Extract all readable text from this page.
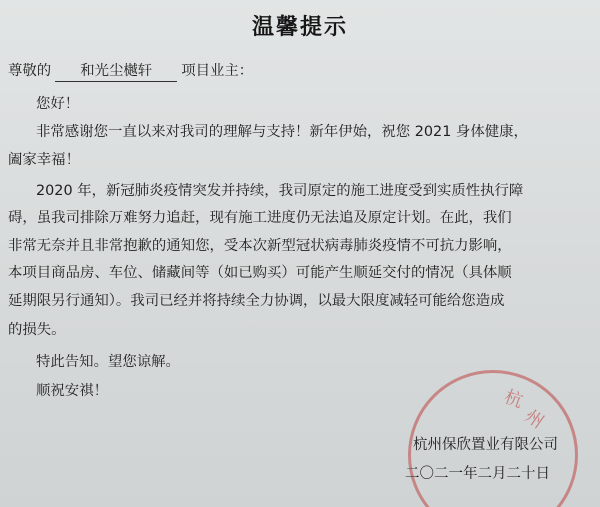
温馨提示
尊敬的 和光尘樾轩 项目业主：
您好！
非常感谢您一直以来对我司的理解与支持！新年伊始，祝您 2021 身体健康，
阖家幸福！
2020 年，新冠肺炎疫情突发并持续，我司原定的施工进度受到实质性执行障
碍，虽我司排除万难努力追赶，现有施工进度仍无法追及原定计划。在此，我们
非常无奈并且非常抱歉的通知您，受本次新型冠状病毒肺炎疫情不可抗力影响，
本项目商品房、车位、储藏间等（如已购买）可能产生顺延交付的情况（具体顺
延期限另行通知）。我司已经并将持续全力协调，以最大限度减轻可能给您造成
的损失。
特此告知。望您谅解。
顺祝安祺！	杭
州
杭州保欣置业有限公司
二〇二一年二月二十日
